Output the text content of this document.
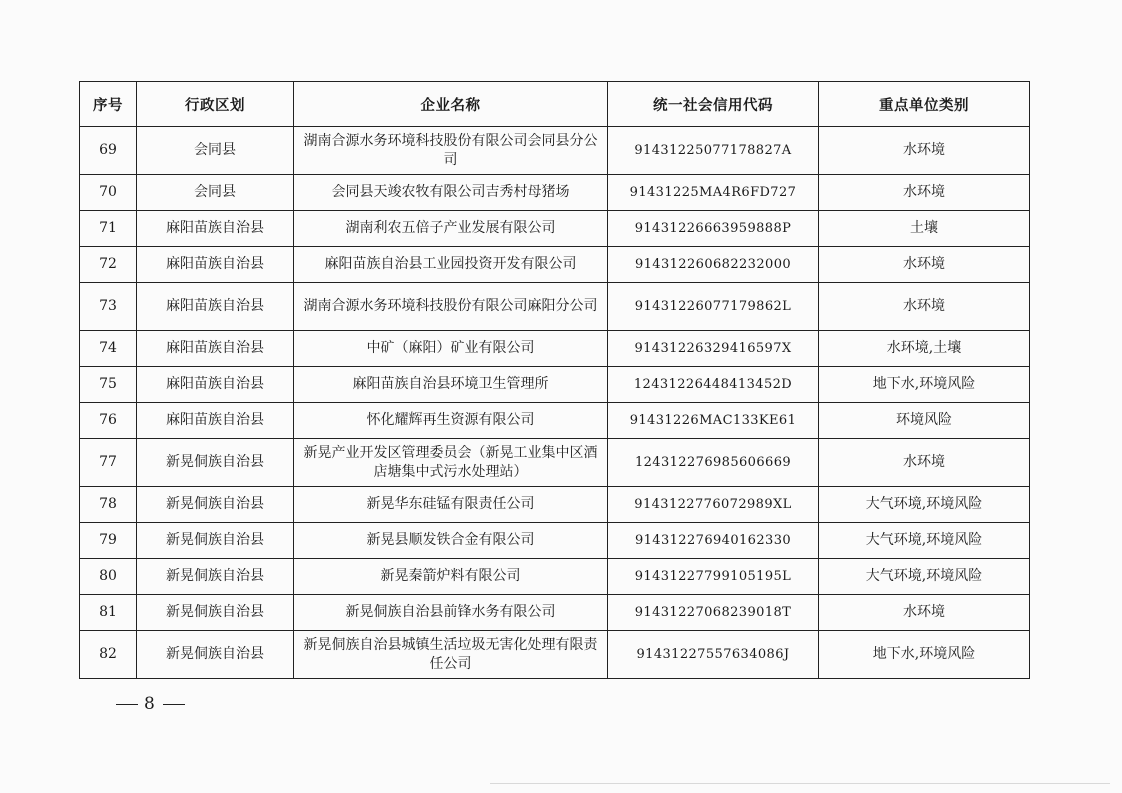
序号	行政区划	企业名称	统一社会信用代码	重点单位类别
69	会同县	湖南合源水务环境科技股份有限公司会同县分公司	91431225077178827A	水环境
70	会同县	会同县天竣农牧有限公司吉秀村母猪场	91431225MA4R6FD727	水环境
71	麻阳苗族自治县	湖南利农五倍子产业发展有限公司	91431226663959888P	土壤
72	麻阳苗族自治县	麻阳苗族自治县工业园投资开发有限公司	914312260682232000	水环境
73	麻阳苗族自治县	湖南合源水务环境科技股份有限公司麻阳分公司	91431226077179862L	水环境
74	麻阳苗族自治县	中矿（麻阳）矿业有限公司	91431226329416597X	水环境,土壤
75	麻阳苗族自治县	麻阳苗族自治县环境卫生管理所	12431226448413452D	地下水,环境风险
76	麻阳苗族自治县	怀化耀辉再生资源有限公司	91431226MAC133KE61	环境风险
77	新晃侗族自治县	新晃产业开发区管理委员会（新晃工业集中区酒店塘集中式污水处理站）	124312276985606669	水环境
78	新晃侗族自治县	新晃华东硅锰有限责任公司	9143122776072989XL	大气环境,环境风险
79	新晃侗族自治县	新晃县顺发铁合金有限公司	914312276940162330	大气环境,环境风险
80	新晃侗族自治县	新晃秦箭炉料有限公司	91431227799105195L	大气环境,环境风险
81	新晃侗族自治县	新晃侗族自治县前锋水务有限公司	91431227068239018T	水环境
82	新晃侗族自治县	新晃侗族自治县城镇生活垃圾无害化处理有限责任公司	91431227557634086J	地下水,环境风险
8
